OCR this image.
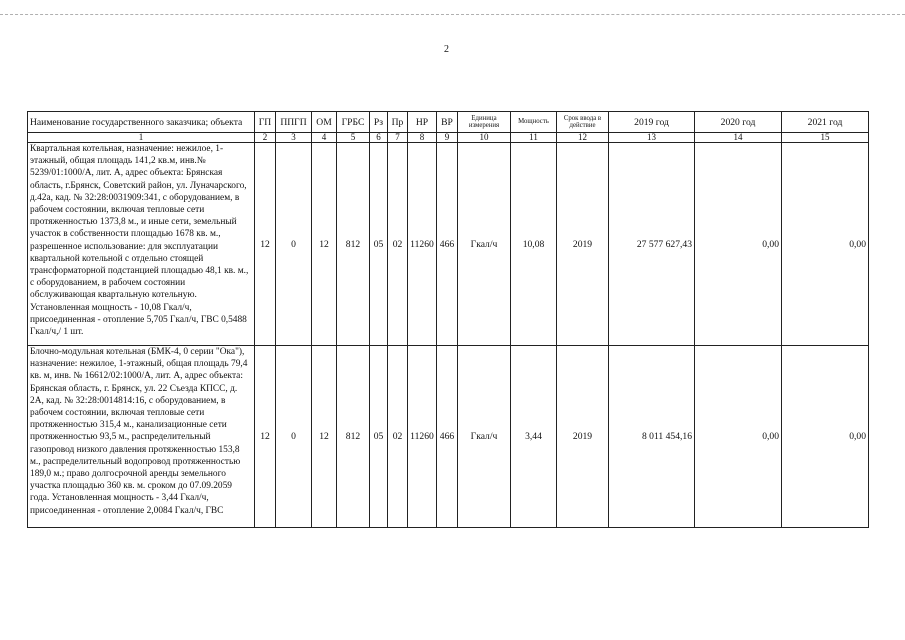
2
Наименование государственного заказчика; объекта	ГП	ППГП	ОМ	ГРБС	Рз	Пр	НР	ВР	Единица измерения	Мощность	Срок ввода в действие	2019 год	2020 год	2021 год
1	2	3	4	5	6	7	8	9	10	11	12	13	14	15
Квартальная котельная, назначение: нежилое, 1-этажный, общая площадь 141,2 кв.м, инв.№ 5239/01:1000/А, лит. А, адрес объекта: Брянская область, г.Брянск, Советский район, ул. Луначарского, д.42а, кад. № 32:28:0031909:341, с оборудованием, в рабочем состоянии, включая тепловые сети протяженностью 1373,8 м., и иные сети, земельный участок в собственности площадью 1678 кв. м., разрешенное использование: для эксплуатации квартальной котельной с отдельно стоящей трансформаторной подстанцией площадью 48,1 кв. м., с оборудованием, в рабочем состоянии обслуживающая квартальную котельную. Установленная мощность - 10,08 Гкал/ч, присоединенная - отопление 5,705 Гкал/ч, ГВС 0,5488 Гкал/ч,/ 1 шт.	12	0	12	812	05	02	11260	466	Гкал/ч	10,08	2019	27 577 627,43	0,00	0,00

Блочно-модульная котельная (БМК-4, 0 серии "Ока"), назначение: нежилое, 1-этажный, общая площадь 79,4 кв. м, инв. № 16612/02:1000/А, лит. А, адрес объекта: Брянская область, г. Брянск, ул. 22 Съезда КПСС, д. 2А, кад. № 32:28:0014814:16, с оборудованием, в рабочем состоянии, включая тепловые сети протяженностью 315,4 м., канализационные сети протяженностью 93,5 м., распределительный газопровод низкого давления протяженностью 153,8 м., распределительный водопровод протяженностью 189,0 м.; право долгосрочной аренды земельного участка площадью 360 кв. м. сроком до 07.09.2059 года. Установленная мощность - 3,44 Гкал/ч, присоединенная - отопление 2,0084 Гкал/ч, ГВС	12	0	12	812	05	02	11260	466	Гкал/ч	3,44	2019	8 011 454,16	0,00	0,00
